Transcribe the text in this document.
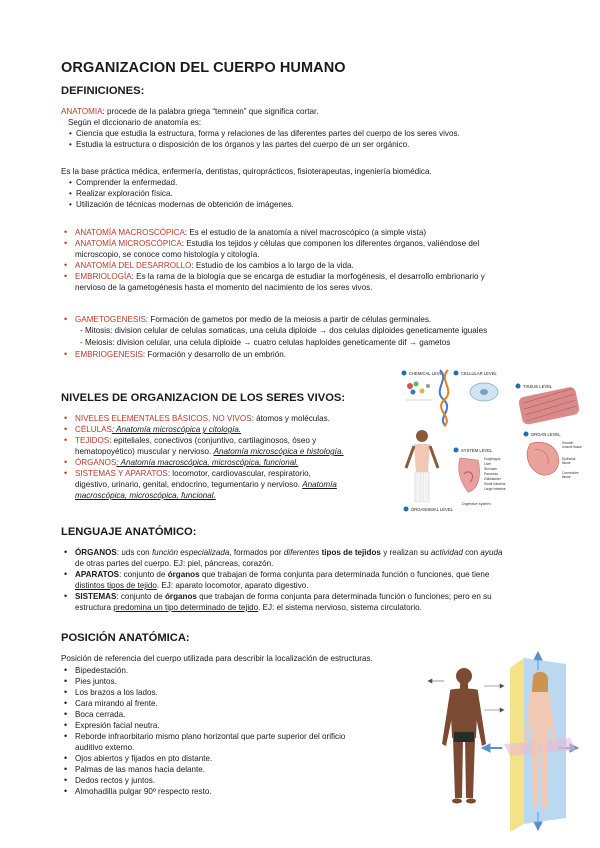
ORGANIZACION DEL CUERPO HUMANO
DEFINICIONES:
ANATOMIA: procede de la palabra griega “temnein” que significa cortar.
Según el diccionario de anatomía es:
• Ciencia que estudia la estructura, forma y relaciones de las diferentes partes del cuerpo de los seres vivos.
• Estudia la estructura o disposición de los órganos y las partes del cuerpo de un ser orgánico.
Es la base práctica médica, enfermería, dentistas, quiroprácticos, fisioterapeutas, ingeniería biomédica.
• Comprender la enfermedad.
• Realizar exploración física.
• Utilización de técnicas modernas de obtención de imágenes.
• ANATOMÍA MACROSCÓPICA: Es el estudio de la anatomía a nivel macroscópico (a simple vista)
• ANATOMÍA MICROSCÓPICA: Estudia los tejidos y células que componen los diferentes órganos, valiéndose del
microscopio, se conoce como histología y citología.
• ANATOMÍA DEL DESARROLLO: Estudio de los cambios a lo largo de la vida.
• EMBRIOLOGÍA: Es la rama de la biología que se encarga de estudiar la morfogénesis, el desarrollo embrionario y
nervioso de la gametogénesis hasta el momento del nacimiento de los seres vivos.
• GAMETOGENESIS: Formación de gametos por medio de la meiosis a partir de células germinales.
- Mitosis: division celular de celulas somaticas, una celula diploide → dos celulas diploides geneticamente iguales
- Meiosis: division celular, una celula diploide → cuatro celulas haploides geneticamente dif → gametos
• EMBRIOGENESIS: Formación y desarrollo de un embrión.
NIVELES DE ORGANIZACION DE LOS SERES VIVOS:
• NIVELES ELEMENTALES BÁSICOS, NO VIVOS: átomos y moléculas.
• CÉLULAS: Anatomía microscópica y citología.
• TEJIDOS: epiteliales, conectivos (conjuntivo, cartilaginosos, óseo y
hematopoyético) muscular y nervioso. Anatomía microscópica e histología.
• ÓRGANOS: Anatomía macroscópica, microscópica, funcional.
• SISTEMAS Y APARATOS: locomotor, cardiovascular, respiratorio,
digestivo, urinario, genital, endocrino, tegumentario y nervioso. Anatomía
macroscópica, microscópica, funcional.
CHEMICAL LEVEL	CELLULAR LEVEL
TISSUE LEVEL
ORGANISMAL LEVEL
SYSTEM LEVEL
Esophagus
Liver
Stomach
Pancreas
Gallbladder
Small intestine
Large intestine
Digestive system
ORGAN LEVEL
Smooth
muscle tissue
Epithelial
tissue
Connective
tissue
LENGUAJE ANATÓMICO:
• ÓRGANOS: uds con función especializada, formados por diferentes tipos de tejidos y realizan su actividad con ayuda
de otras partes del cuerpo. EJ: piel, páncreas, corazón.
• APARATOS: conjunto de órganos que trabajan de forma conjunta para determinada función o funciones, que tiene
distintos tipos de tejido. EJ: aparato locomotor, aparato digestivo.
• SISTEMAS: conjunto de órganos que trabajan de forma conjunta para determinada función o funciones; pero en su
estructura predomina un tipo determinado de tejido. EJ: el sistema nervioso, sistema circulatorio.
POSICIÓN ANATÓMICA:
Posición de referencia del cuerpo utilizada para describir la localización de estructuras.
• Bipedestación.
• Pies juntos.
• Los brazos a los lados.
• Cara mirando al frente.
• Boca cerrada.
• Expresión facial neutra.
• Reborde infraorbitario mismo plano horizontal que parte superior del orificio
auditivo externo.
• Ojos abiertos y fijados en pto distante.
• Palmas de las manos hacia delante.
• Dedos rectos y juntos.
• Almohadilla pulgar 90º respecto resto.
